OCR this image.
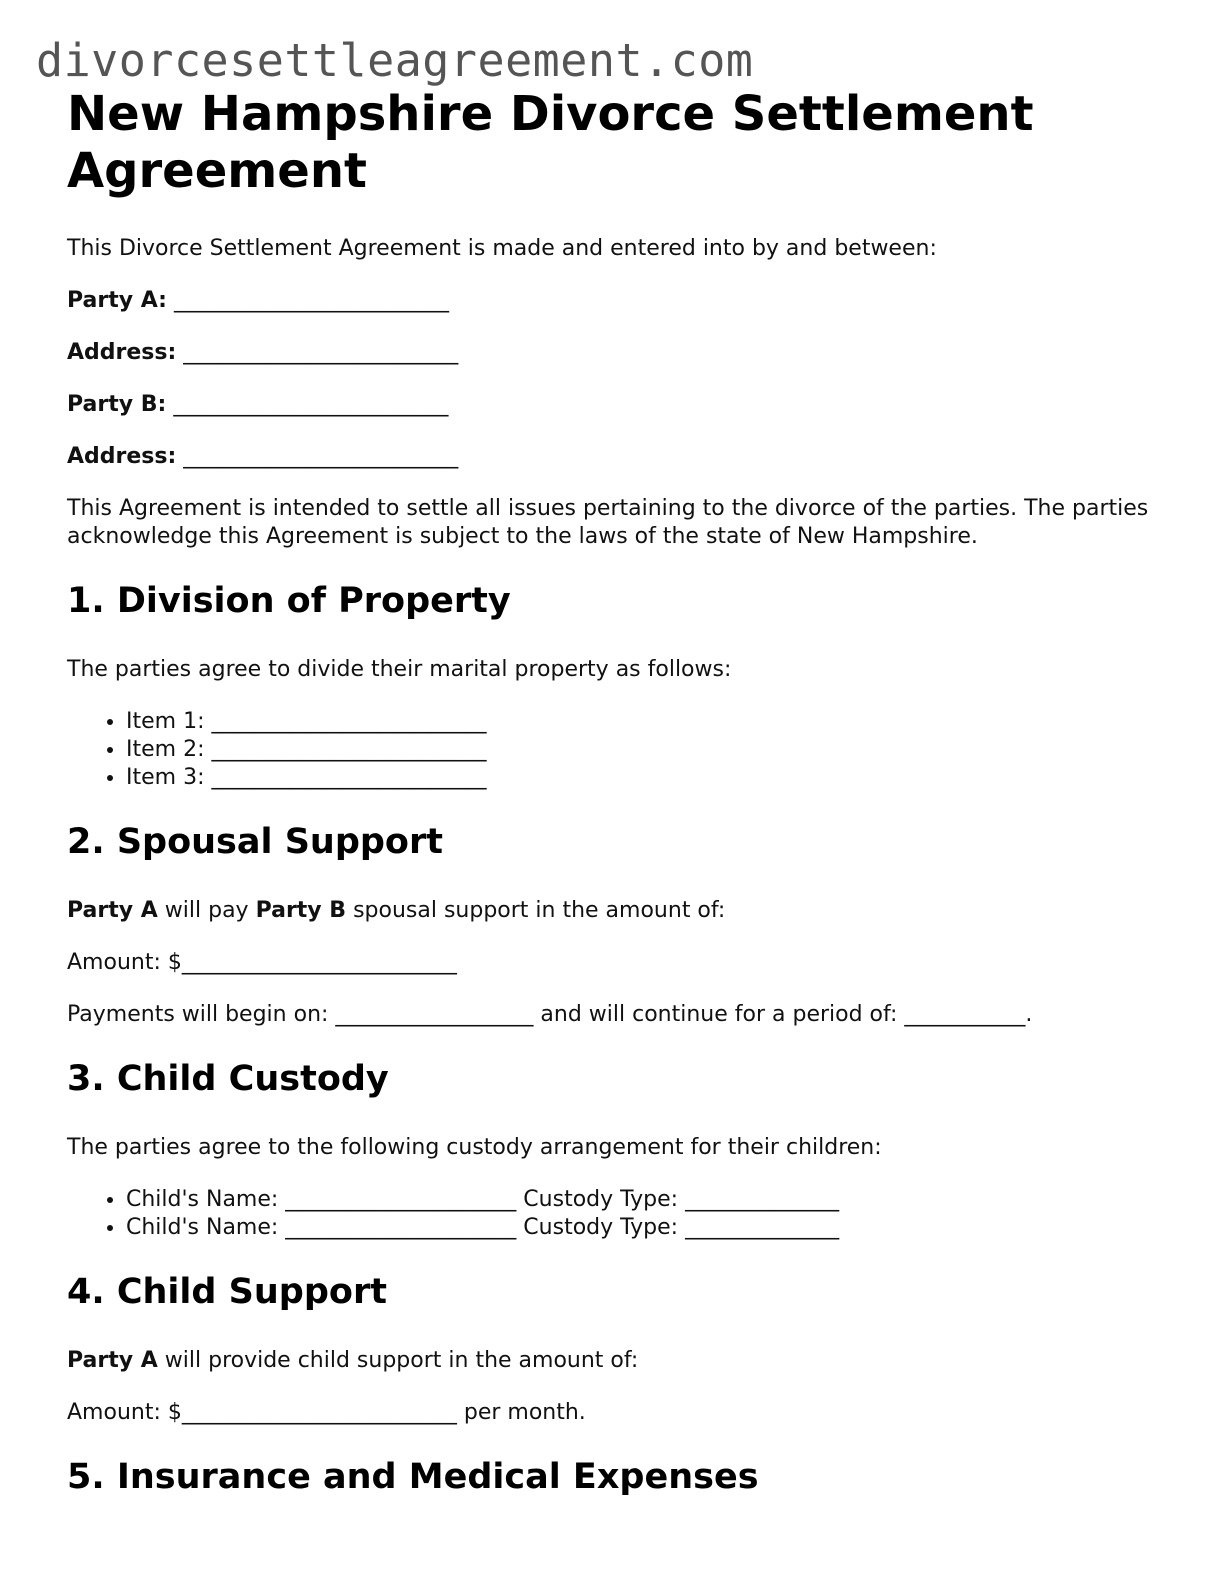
divorcesettleagreement.com
New Hampshire Divorce Settlement Agreement

This Divorce Settlement Agreement is made and entered into by and between:

Party A: _________________________

Address: _________________________

Party B: _________________________

Address: _________________________

This Agreement is intended to settle all issues pertaining to the divorce of the parties. The parties acknowledge this Agreement is subject to the laws of the state of New Hampshire.

1. Division of Property

The parties agree to divide their marital property as follows:

• Item 1: _________________________
• Item 2: _________________________
• Item 3: _________________________
2. Spousal Support

Party A will pay Party B spousal support in the amount of:

Amount: $_________________________

Payments will begin on: __________________ and will continue for a period of: ___________.

3. Child Custody

The parties agree to the following custody arrangement for their children:

• Child's Name: _____________________ Custody Type: ______________
• Child's Name: _____________________ Custody Type: ______________
4. Child Support

Party A will provide child support in the amount of:

Amount: $_________________________ per month.

5. Insurance and Medical Expenses
